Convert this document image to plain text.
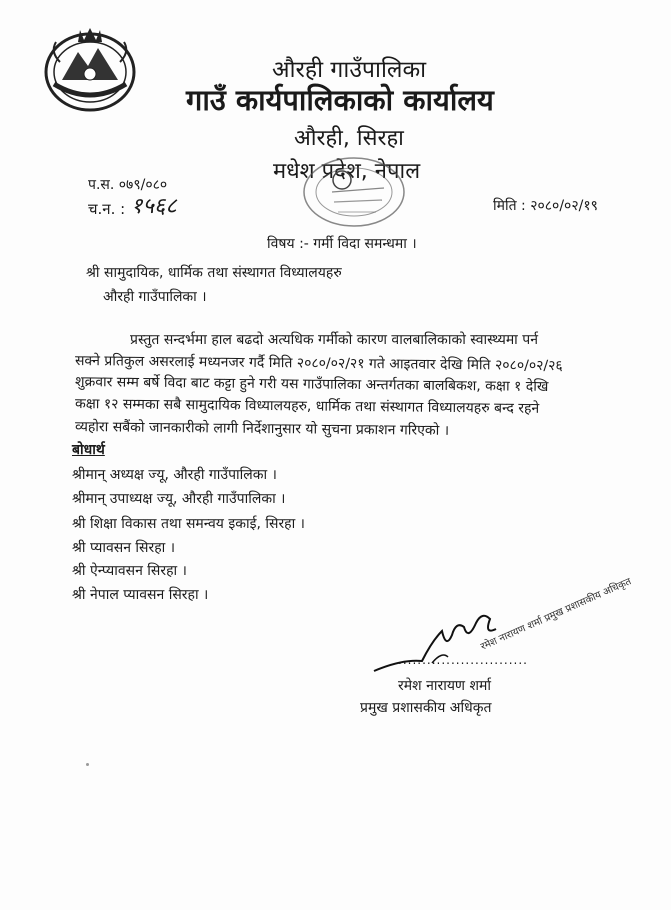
औरही गाउँपालिका
गाउँ कार्यपालिकाको कार्यालय
औरही, सिरहा
मधेश प्रदेश, नेपाल
प.स. ०७९/०८०
च.न. : १५६८	मिति : २०८०/०२/१९
विषय :- गर्मी विदा समन्धमा ।
श्री सामुदायिक, धार्मिक तथा संस्थागत विध्यालयहरु
औरही गाउँपालिका ।
प्रस्तुत सन्दर्भमा हाल बढदो अत्यधिक गर्मीको कारण वालबालिकाको स्वास्थ्यमा पर्न
सक्ने प्रतिकुल असरलाई मध्यनजर गर्दै मिति २०८०/०२/२१ गते आइतवार देखि मिति २०८०/०२/२६
शुक्रवार सम्म बर्षे विदा बाट कट्टा हुने गरी यस गाउँपालिका अन्तर्गतका बालबिकश, कक्षा १ देखि
कक्षा १२ सम्मका सबै सामुदायिक विध्यालयहरु, धार्मिक तथा संस्थागत विध्यालयहरु बन्द रहने
व्यहोरा सबैंको जानकारीको लागी निर्देशानुसार यो सुचना प्रकाशन गरिएको ।
बोधार्थ
श्रीमान् अध्यक्ष ज्यू, औरही गाउँपालिका ।
श्रीमान् उपाध्यक्ष ज्यू, औरही गाउँपालिका ।
श्री शिक्षा विकास तथा समन्वय इकाई, सिरहा ।
श्री प्यावसन सिरहा ।
श्री ऐन्प्यावसन सिरहा ।
श्री नेपाल प्यावसन सिरहा ।
...........................
रमेश नारायण शर्मा प्रमुख प्रशासकीय अधिकृत
रमेश नारायण शर्मा
प्रमुख प्रशासकीय अधिकृत
